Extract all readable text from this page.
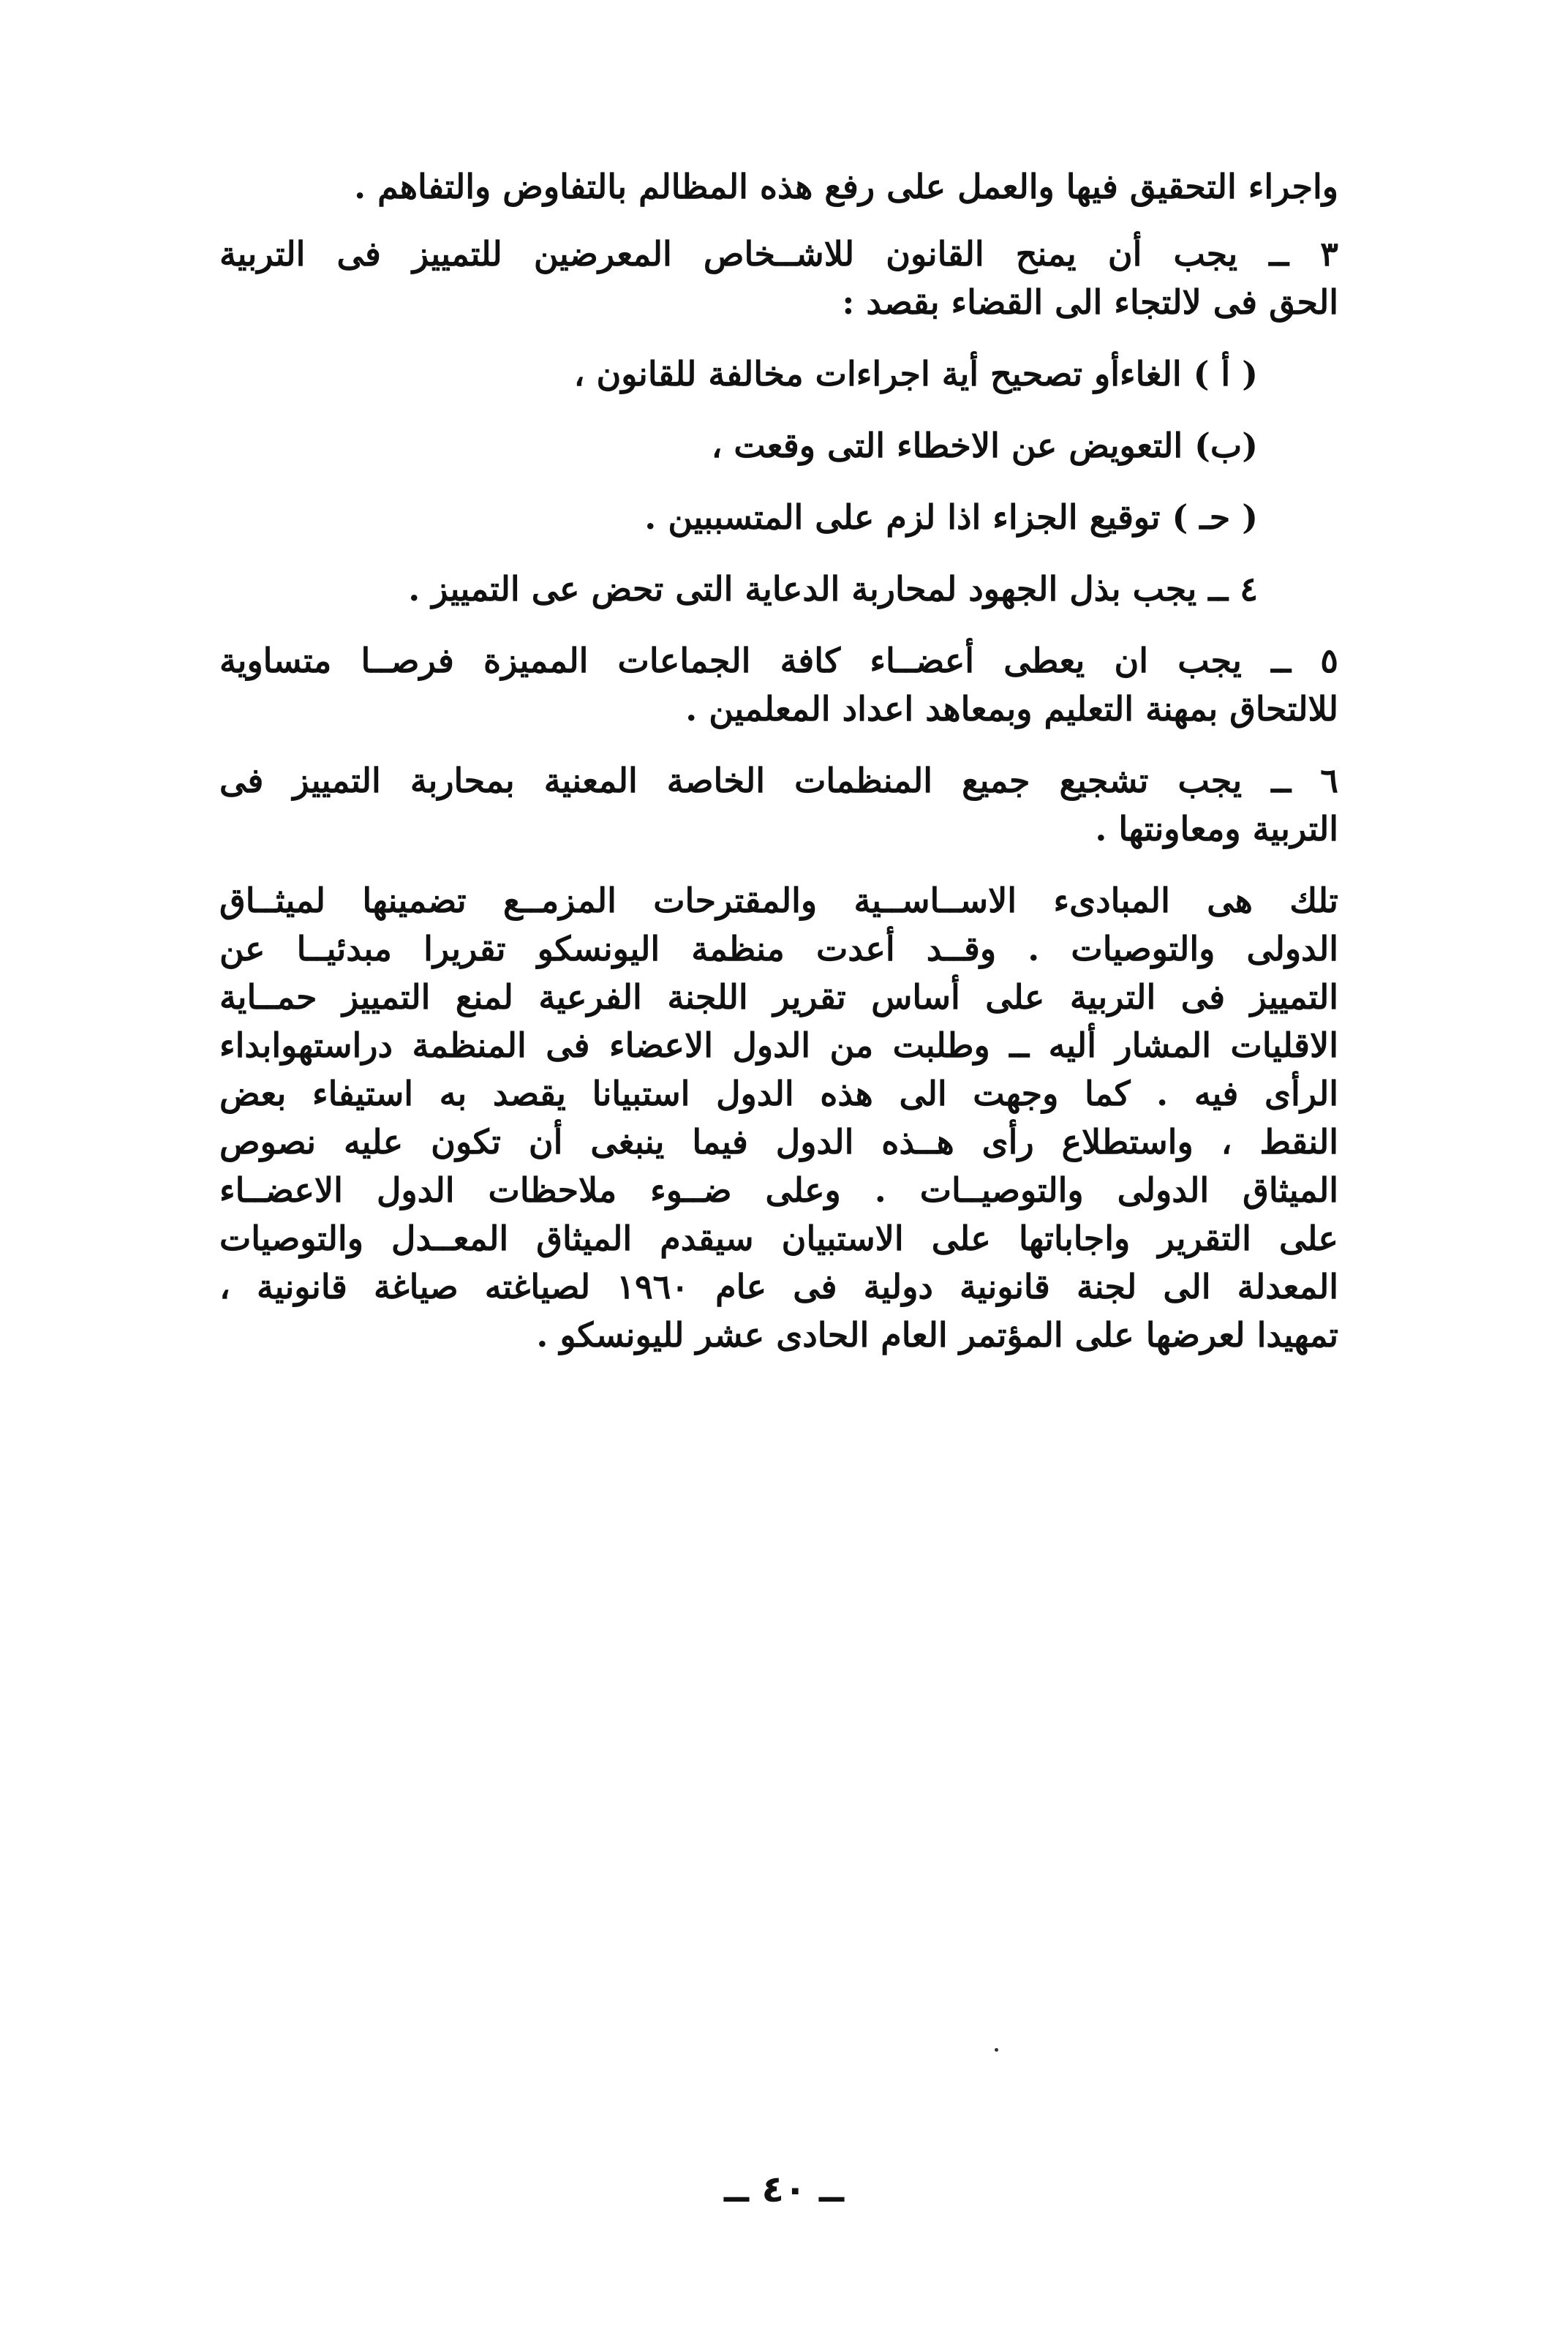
واجراء التحقيق فيها والعمل على رفع هذه المظالم بالتفاوض والتفاهم .
٣ ــ يجب أن يمنح القانون للاشــخاص المعرضين للتمييز فى التربية
الحق فى لالتجاء الى القضاء بقصد :
( أ ) الغاءأو تصحيح أية اجراءات مخالفة للقانون ،
(ب) التعويض عن الاخطاء التى وقعت ،
( حـ ) توقيع الجزاء اذا لزم على المتسببين .
٤ ــ يجب بذل الجهود لمحاربة الدعاية التى تحض عى التمييز .
٥ ــ يجب ان يعطى أعضــاء كافة الجماعات المميزة فرصــا متساوية
للالتحاق بمهنة التعليم وبمعاهد اعداد المعلمين .
٦ ــ يجب تشجيع جميع المنظمات الخاصة المعنية بمحاربة التمييز فى
التربية ومعاونتها .
تلك هى المبادىء الاســاســية والمقترحات المزمــع تضمينها لميثــاق
الدولى والتوصيات . وقــد أعدت منظمة اليونسكو تقريرا مبدئيــا عن
التمييز فى التربية على أساس تقرير اللجنة الفرعية لمنع التمييز حمــاية
الاقليات المشار أليه ــ وطلبت من الدول الاعضاء فى المنظمة دراستهوابداء
الرأى فيه . كما وجهت الى هذه الدول استبيانا يقصد به استيفاء بعض
النقط ، واستطلاع رأى هــذه الدول فيما ينبغى أن تكون عليه نصوص
الميثاق الدولى والتوصيــات . وعلى ضــوء ملاحظات الدول الاعضــاء
على التقرير واجاباتها على الاستبيان سيقدم الميثاق المعــدل والتوصيات
المعدلة الى لجنة قانونية دولية فى عام ١٩٦٠ لصياغته صياغة قانونية ،
تمهيدا لعرضها على المؤتمر العام الحادى عشر لليونسكو .
ــ ٤٠ ــ
